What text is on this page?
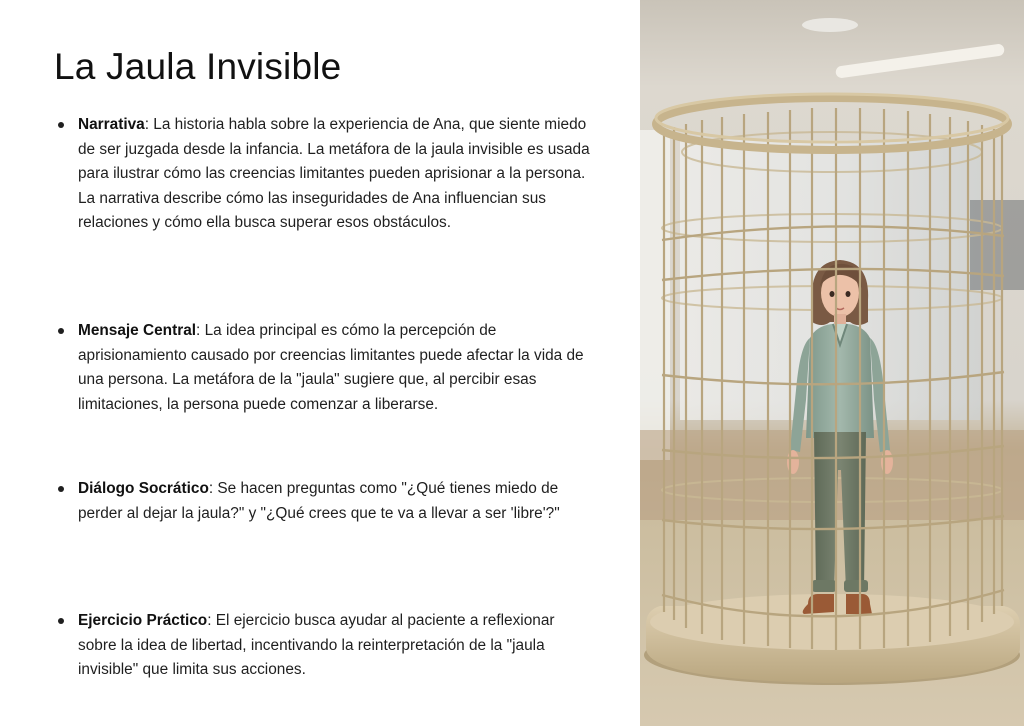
La Jaula Invisible
Narrativa: La historia habla sobre la experiencia de Ana, que siente miedo de ser juzgada desde la infancia. La metáfora de la jaula invisible es usada para ilustrar cómo las creencias limitantes pueden aprisionar a la persona. La narrativa describe cómo las inseguridades de Ana influencian sus relaciones y cómo ella busca superar esos obstáculos.
Mensaje Central: La idea principal es cómo la percepción de aprisionamiento causado por creencias limitantes puede afectar la vida de una persona. La metáfora de la "jaula" sugiere que, al percibir esas limitaciones, la persona puede comenzar a liberarse.
Diálogo Socrático: Se hacen preguntas como "¿Qué tienes miedo de perder al dejar la jaula?" y "¿Qué crees que te va a llevar a ser 'libre'?"
Ejercicio Práctico: El ejercicio busca ayudar al paciente a reflexionar sobre la idea de libertad, incentivando la reinterpretación de la "jaula invisible" que limita sus acciones.
